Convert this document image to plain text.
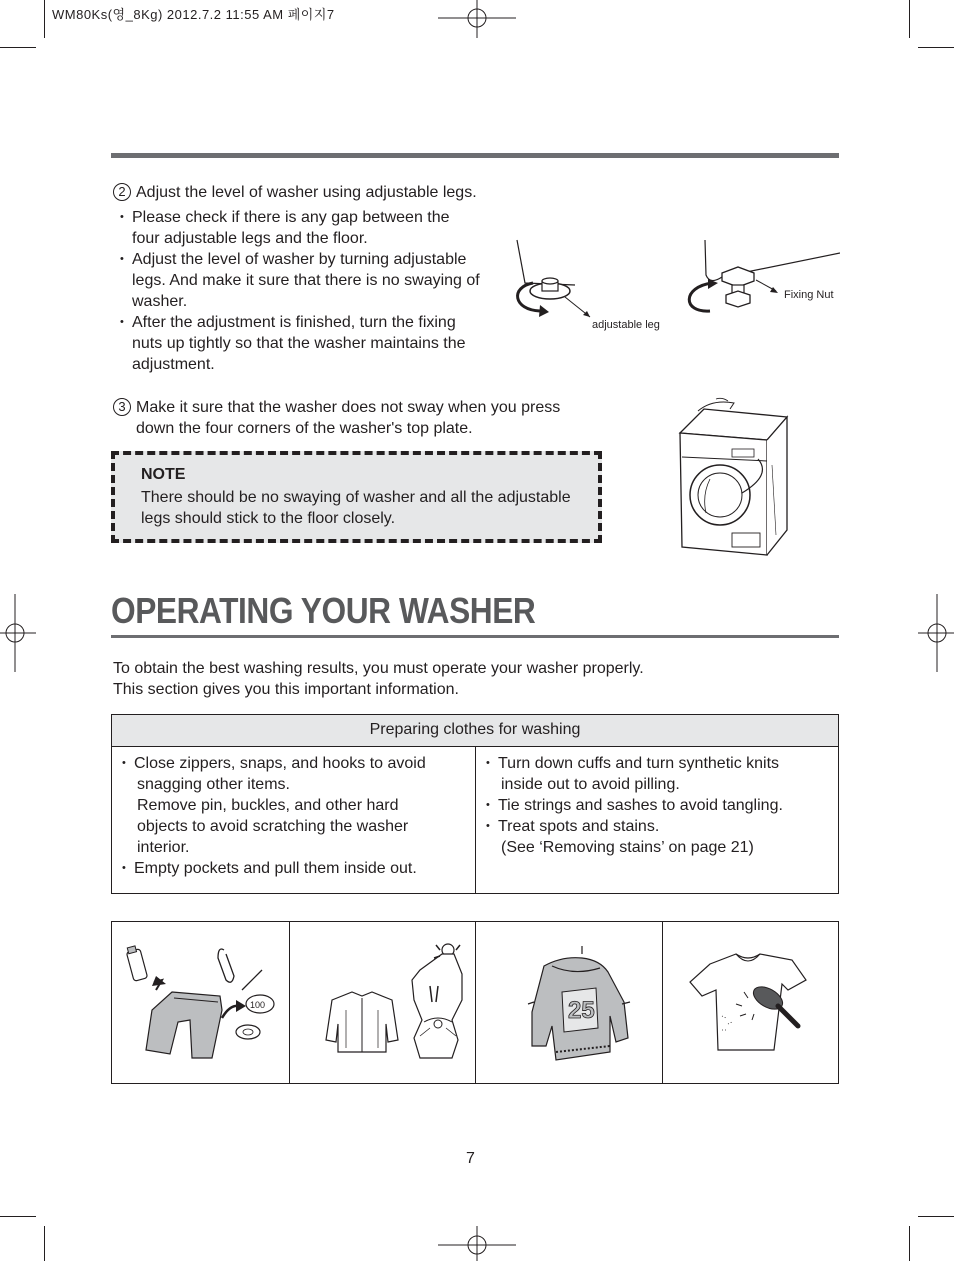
WM80Ks(영_8Kg) 2012.7.2 11:55 AM 페이지7
2 Adjust the level of washer using adjustable legs.
• Please check if there is any gap between the four adjustable legs and the floor.
• Adjust the level of washer by turning adjustable legs. And make it sure that there is no swaying of washer.
• After the adjustment is finished, turn the fixing nuts up tightly so that the washer maintains the adjustment.
adjustable leg
Fixing Nut
3 Make it sure that the washer does not sway when you press
down the four corners of the washer's top plate.
NOTE
There should be no swaying of washer and all the adjustable legs should stick to the floor closely.
OPERATING YOUR WASHER
To obtain the best washing results, you must operate your washer properly.
This section gives you this important information.
Preparing clothes for washing
• Close zippers, snaps, and hooks to avoid
snagging other items.
Remove pin, buckles, and other hard
objects to avoid scratching the washer
interior.
• Empty pockets and pull them inside out.
• Turn down cuffs and turn synthetic knits
inside out to avoid pilling.
• Tie strings and sashes to avoid tangling.
• Treat spots and stains.
(See ‘Removing stains’ on page 21)
100	25
7
